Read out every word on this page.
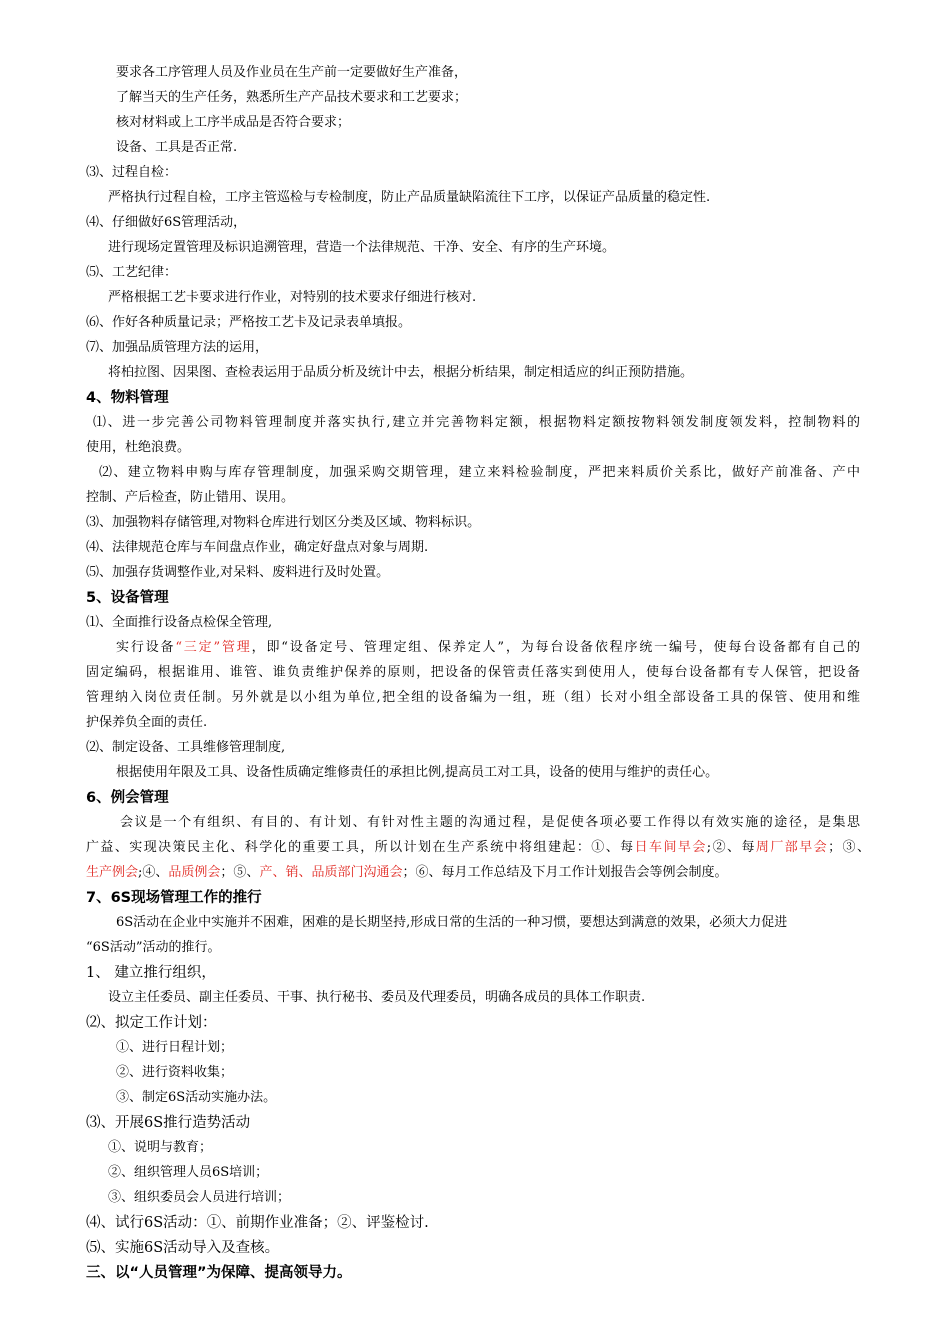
要求各工序管理人员及作业员在生产前一定要做好生产准备，
了解当天的生产任务，熟悉所生产产品技术要求和工艺要求；
核对材料或上工序半成品是否符合要求；
设备、工具是否正常.
⑶、过程自检：
严格执行过程自检，工序主管巡检与专检制度，防止产品质量缺陷流往下工序，以保证产品质量的稳定性.
⑷、仔细做好6S管理活动，
进行现场定置管理及标识追溯管理，营造一个法律规范、干净、安全、有序的生产环境。
⑸、工艺纪律：
严格根据工艺卡要求进行作业，对特别的技术要求仔细进行核对.
⑹、作好各种质量记录；严格按工艺卡及记录表单填报。
⑺、加强品质管理方法的运用，
将柏拉图、因果图、查检表运用于品质分析及统计中去，根据分析结果，制定相适应的纠正预防措施。
4、物料管理
⑴、进一步完善公司物料管理制度并落实执行,建立并完善物料定额，根据物料定额按物料领发制度领发料，控制物料的
使用，杜绝浪费。
⑵、建立物料申购与库存管理制度，加强采购交期管理，建立来料检验制度，严把来料质价关系比，做好产前准备、产中
控制、产后检查，防止错用、误用。
⑶、加强物料存储管理,对物料仓库进行划区分类及区域、物料标识。
⑷、法律规范仓库与车间盘点作业，确定好盘点对象与周期.
⑸、加强存货调整作业,对呆料、废料进行及时处置。
5、设备管理
⑴、全面推行设备点检保全管理,
实行设备“三定”管理，即“设备定号、管理定组、保养定人”，为每台设备依程序统一编号，使每台设备都有自己的
固定编码，根据谁用、谁管、谁负责维护保养的原则，把设备的保管责任落实到使用人，使每台设备都有专人保管，把设备
管理纳入岗位责任制。另外就是以小组为单位,把全组的设备编为一组，班（组）长对小组全部设备工具的保管、使用和维
护保养负全面的责任.
⑵、制定设备、工具维修管理制度,
根据使用年限及工具、设备性质确定维修责任的承担比例,提高员工对工具，设备的使用与维护的责任心。
6、例会管理
会议是一个有组织、有目的、有计划、有针对性主题的沟通过程，是促使各项必要工作得以有效实施的途径，是集思
广益、实现决策民主化、科学化的重要工具，所以计划在生产系统中将组建起：①、每日车间早会;②、每周厂部早会；③、
生产例会;④、品质例会；⑤、产、销、品质部门沟通会；⑥、每月工作总结及下月工作计划报告会等例会制度。
7、6S现场管理工作的推行
6S活动在企业中实施并不困难，困难的是长期坚持,形成日常的生活的一种习惯，要想达到满意的效果，必须大力促进
“6S活动”活动的推行。
1、 建立推行组织，
设立主任委员、副主任委员、干事、执行秘书、委员及代理委员，明确各成员的具体工作职责.
⑵、拟定工作计划：
①、进行日程计划；
②、进行资料收集；
③、制定6S活动实施办法。
⑶、开展6S推行造势活动
①、说明与教育；
②、组织管理人员6S培训；
③、组织委员会人员进行培训；
⑷、试行6S活动：①、前期作业准备；②、评鉴检讨.
⑸、实施6S活动导入及查核。
三、以“人员管理”为保障、提高领导力。
